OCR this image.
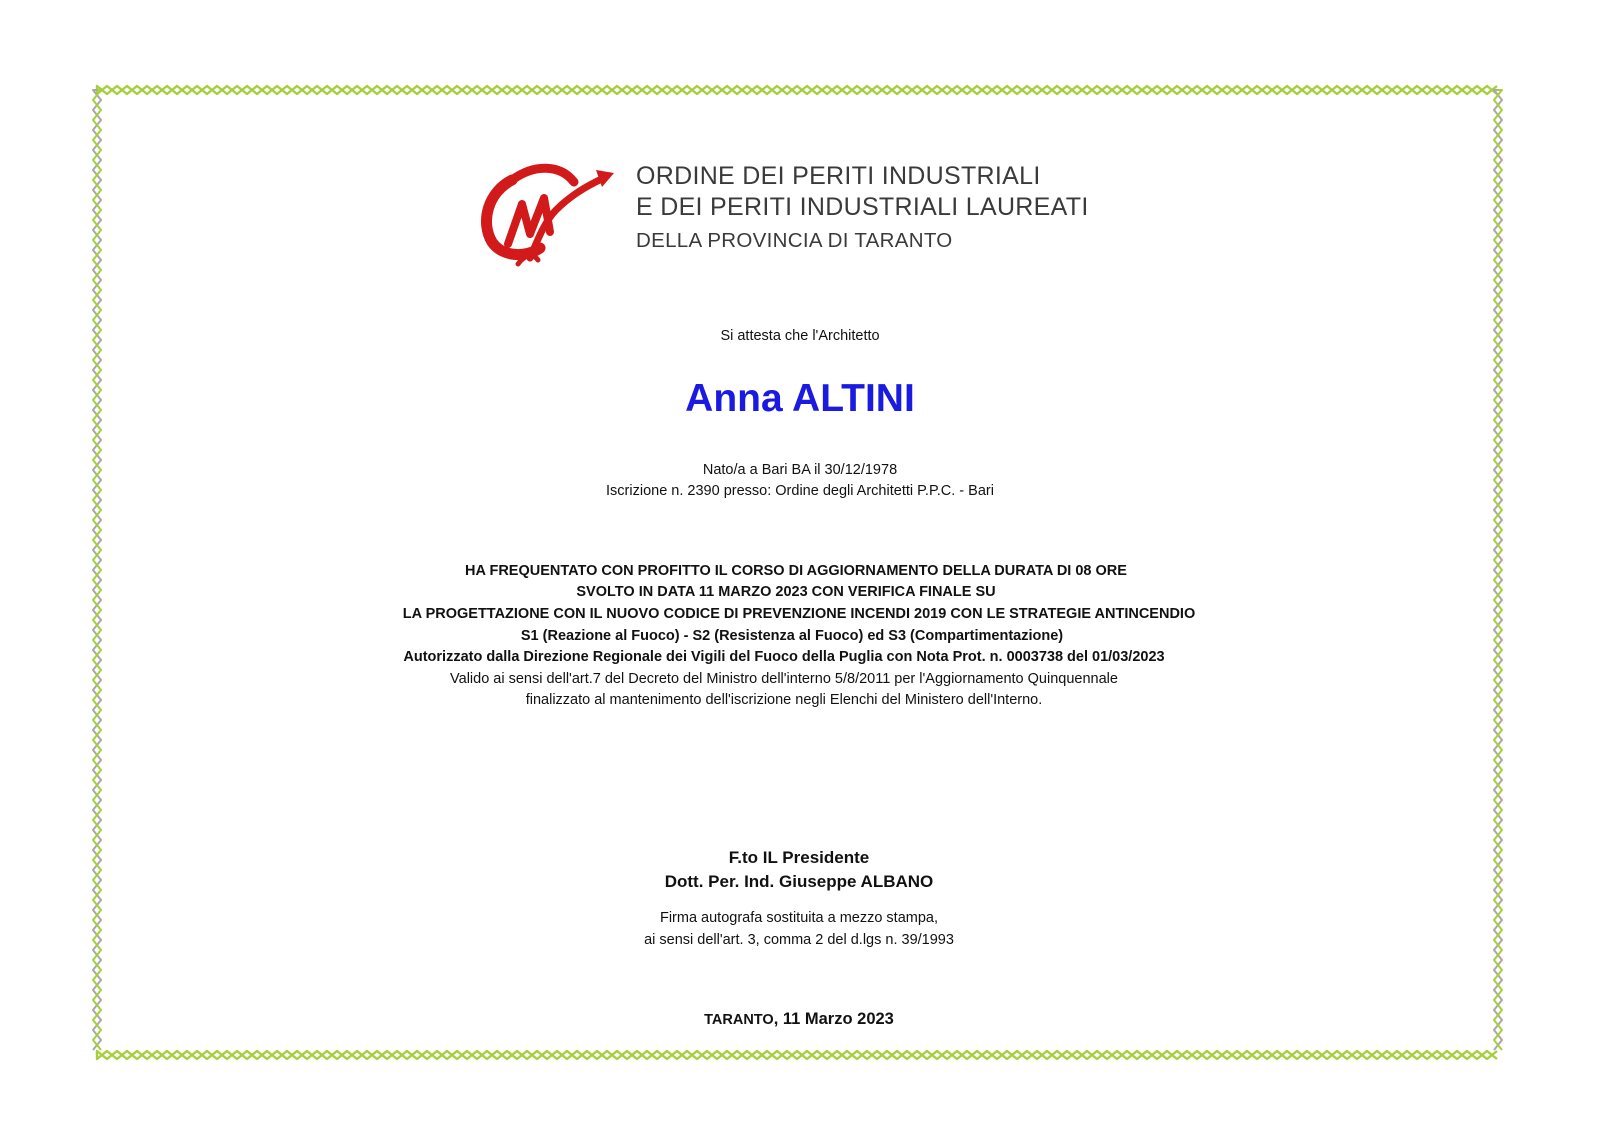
ORDINE DEI PERITI INDUSTRIALI
E DEI PERITI INDUSTRIALI LAUREATI
DELLA PROVINCIA DI TARANTO
Si attesta che l'Architetto
Anna ALTINI
Nato/a a Bari BA il 30/12/1978
Iscrizione n. 2390 presso: Ordine degli Architetti P.P.C. - Bari
HA FREQUENTATO CON PROFITTO IL CORSO DI AGGIORNAMENTO DELLA DURATA DI 08 ORE
SVOLTO IN DATA 11 MARZO 2023 CON VERIFICA FINALE SU
LA PROGETTAZIONE CON IL NUOVO CODICE DI PREVENZIONE INCENDI 2019 CON LE STRATEGIE ANTINCENDIO
S1 (Reazione al Fuoco) - S2 (Resistenza al Fuoco) ed S3 (Compartimentazione)
Autorizzato dalla Direzione Regionale dei Vigili del Fuoco della Puglia con Nota Prot. n. 0003738 del 01/03/2023
Valido ai sensi dell'art.7 del Decreto del Ministro dell'interno 5/8/2011 per l'Aggiornamento Quinquennale
finalizzato al mantenimento dell'iscrizione negli Elenchi del Ministero dell'Interno.
F.to IL Presidente
Dott. Per. Ind. Giuseppe ALBANO
Firma autografa sostituita a mezzo stampa,
ai sensi dell'art. 3, comma 2 del d.lgs n. 39/1993
TARANTO, 11 Marzo 2023
